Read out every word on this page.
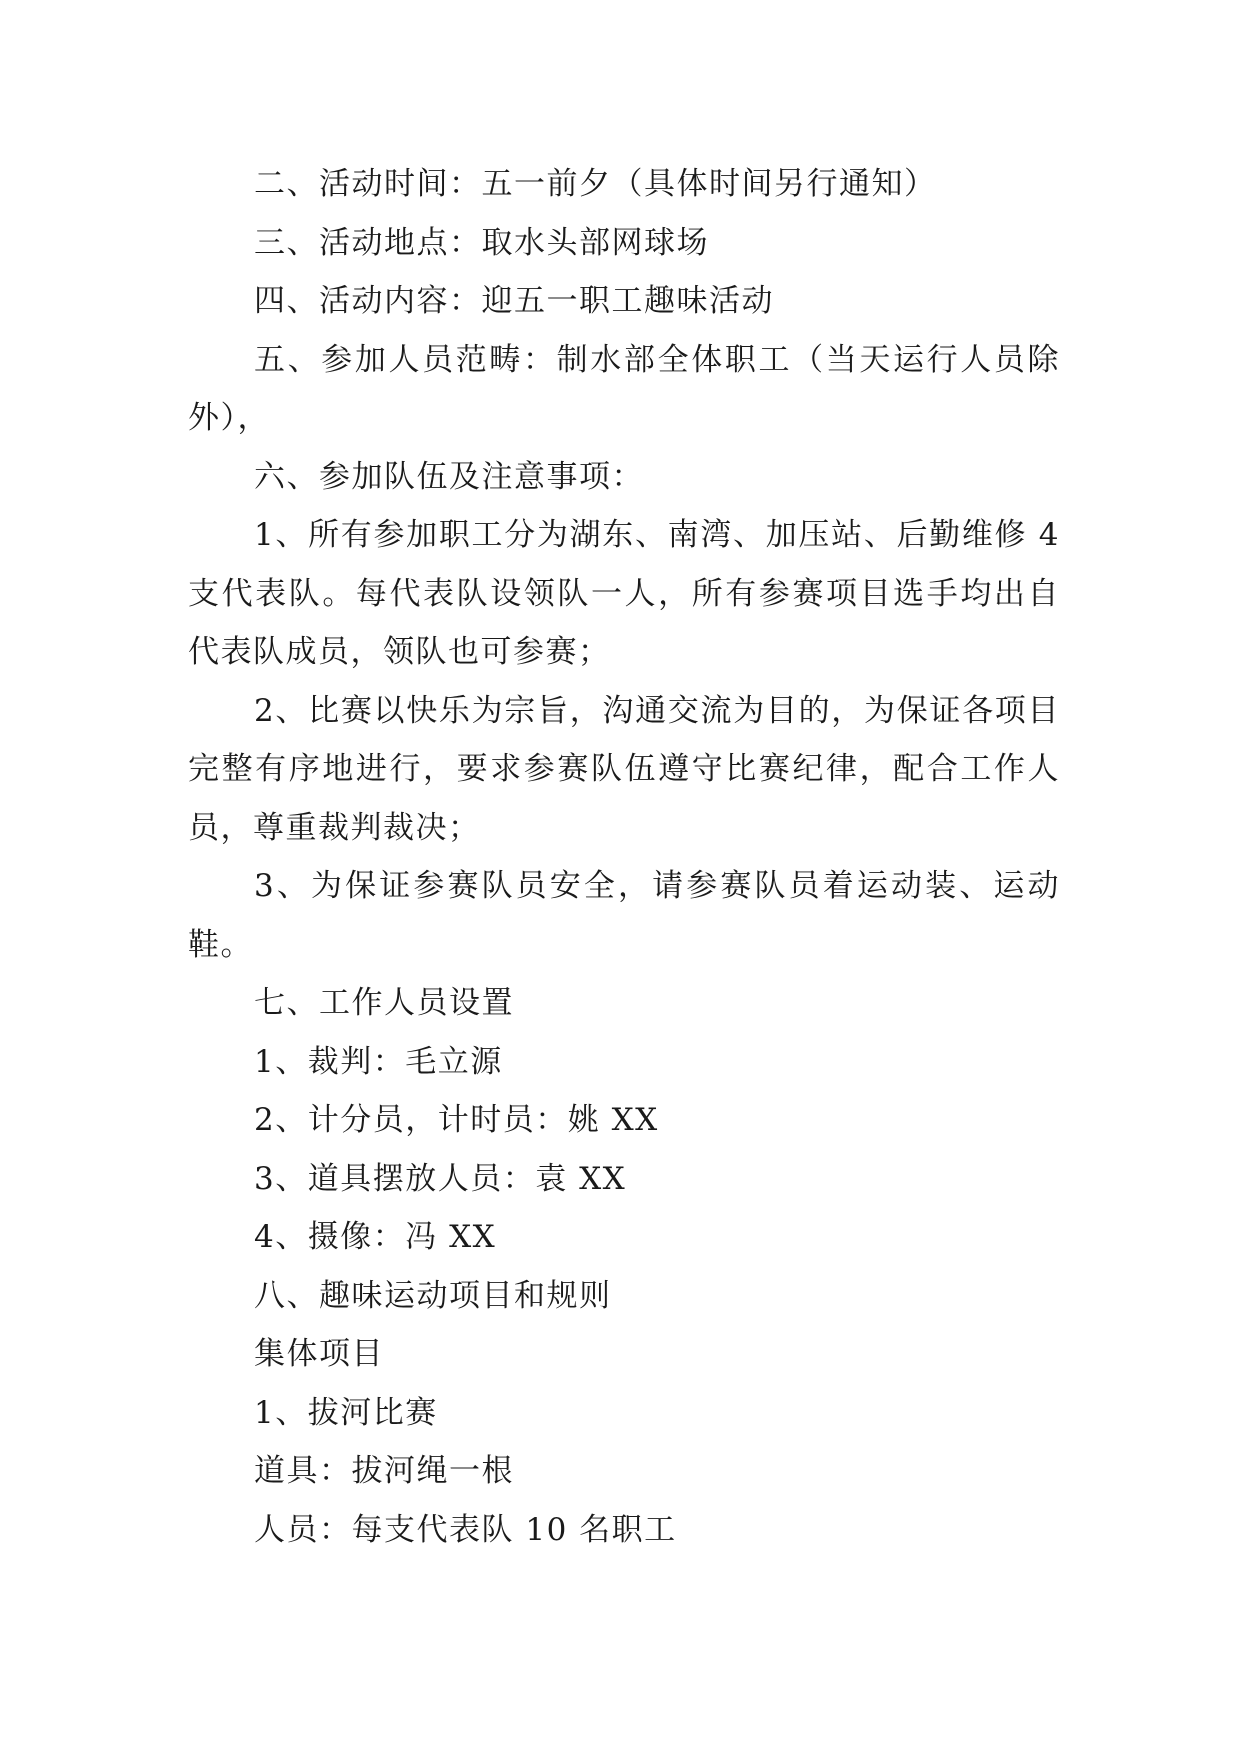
二、活动时间：五一前夕（具体时间另行通知）

三、活动地点：取水头部网球场

四、活动内容：迎五一职工趣味活动

五、参加人员范畴：制水部全体职工（当天运行人员除外），

六、参加队伍及注意事项：

1、所有参加职工分为湖东、南湾、加压站、后勤维修 4 支代表队。每代表队设领队一人，所有参赛项目选手均出自代表队成员，领队也可参赛；

2、比赛以快乐为宗旨，沟通交流为目的，为保证各项目完整有序地进行，要求参赛队伍遵守比赛纪律，配合工作人员，尊重裁判裁决；

3、为保证参赛队员安全，请参赛队员着运动装、运动鞋。

七、工作人员设置

1、裁判：毛立源

2、计分员，计时员：姚 XX

3、道具摆放人员：袁 XX

4、摄像：冯 XX

八、趣味运动项目和规则

集体项目

1、拔河比赛

道具：拔河绳一根

人员：每支代表队 10 名职工
